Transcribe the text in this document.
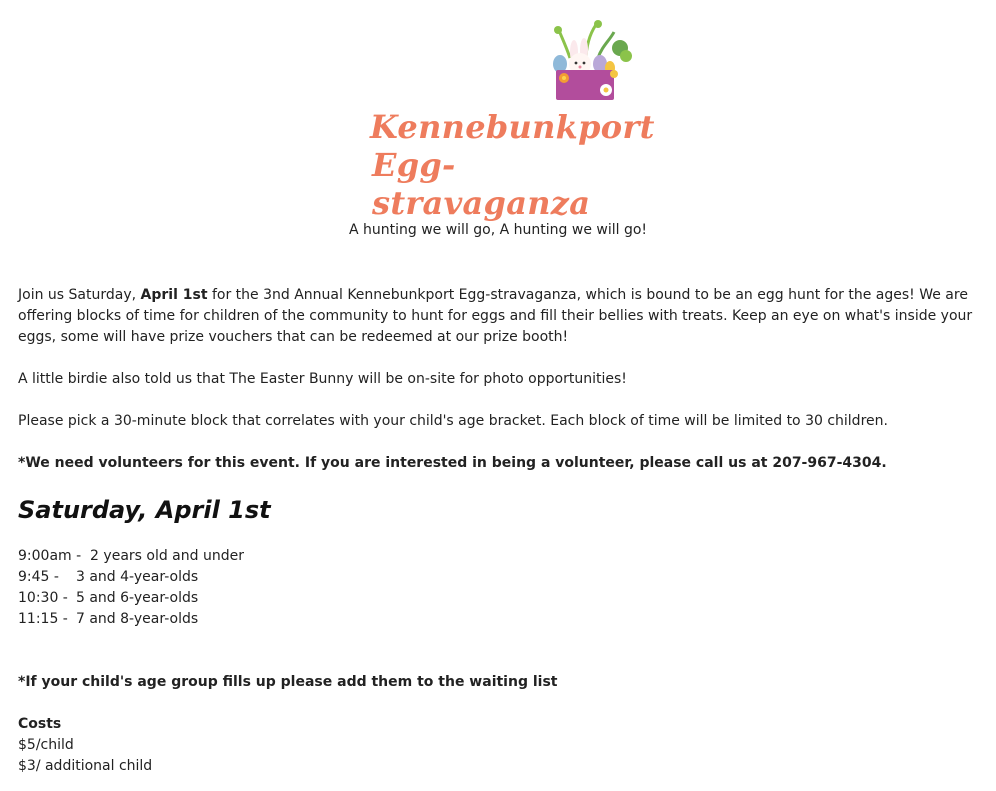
Kennebunkport
Egg-stravaganza
A hunting we will go, A hunting we will go!

Join us Saturday, April 1st for the 3nd Annual Kennebunkport Egg-stravaganza, which is bound to be an egg hunt for the ages! We are offering blocks of time for children of the community to hunt for eggs and fill their bellies with treats. Keep an eye on what's inside your eggs, some will have prize vouchers that can be redeemed at our prize booth!

A little birdie also told us that The Easter Bunny will be on-site for photo opportunities!

Please pick a 30-minute block that correlates with your child's age bracket. Each block of time will be limited to 30 children.

*We need volunteers for this event. If you are interested in being a volunteer, please call us at 207-967-4304.

Saturday, April 1st
9:00am - 2 years old and under
9:45 -	3 and 4-year-olds
10:30 - 5 and 6-year-olds
11:15 - 7 and 8-year-olds

*If your child's age group fills up please add them to the waiting list

Costs
$5/child
$3/ additional child
